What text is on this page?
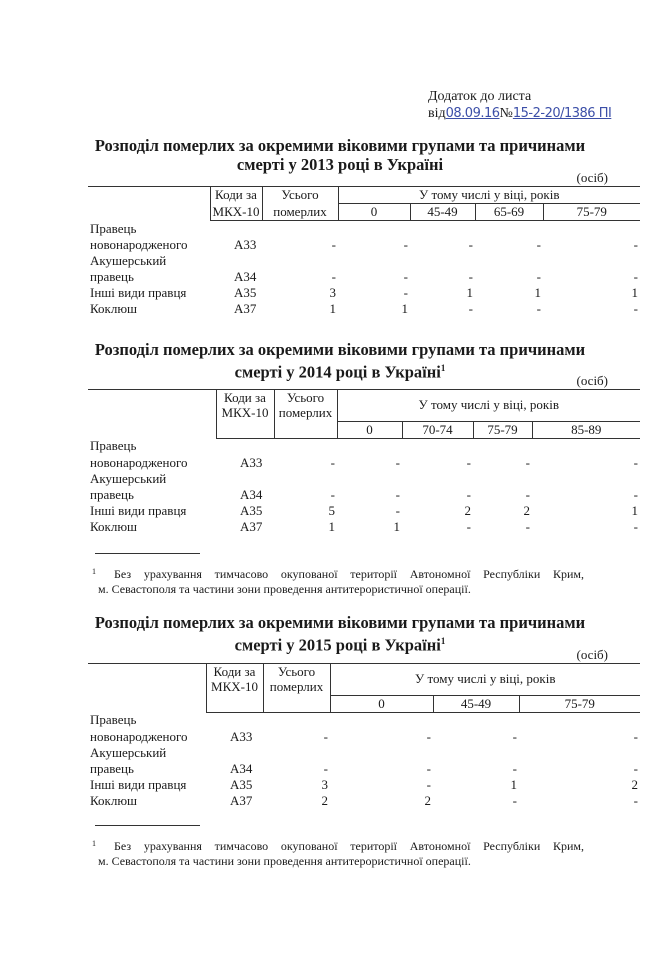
Додаток до листа
від08.09.16№15-2-20/1386 ПІ
Розподіл померлих за окремими віковими групами та причинами
смерті у 2013 році в Україні
(осіб)
	Коди за	Усього	У тому числі у віці, років			
	МКХ-10	померлих	0	45-49	65-69	75-79
Правець						
новонародженого	А33	-	-	-	-	-
Акушерський						
правець	А34	-	-	-	-	-
Інші види правця	А35	3	-	1	1	1
Коклюш	А37	1	1	-	-	-
Розподіл померлих за окремими віковими групами та причинами
смерті у 2014 році в Україні$^1$
(осіб)

Коди за
МКХ-10

Усього
померлих
	У тому числі у віці, років
			0	70-74	75-79	85-89
Правець						
новонародженого	А33	-	-	-	-	-
Акушерський						
правець	А34	-	-	-	-	-
Інші види правця	А35	5	-	2	2	1
Коклюш	А37	1	1	-	-	-
1	Без урахування тимчасово окупованої території Автономної Республіки Крим,
м. Севастополя та частини зони проведення антитерористичної операції.
Розподіл померлих за окремими віковими групами та причинами
смерті у 2015 році в Україні$^1$
(осіб)

Коди за
МКХ-10

Усього
померлих
	У тому числі у віці, років
			0	45-49	75-79
Правець					
новонародженого	А33	-	-	-	-
Акушерський					
правець	А34	-	-	-	-
Інші види правця	А35	3	-	1	2
Коклюш	А37	2	2	-	-
1	Без урахування тимчасово окупованої території Автономної Республіки Крим,
м. Севастополя та частини зони проведення антитерористичної операції.
